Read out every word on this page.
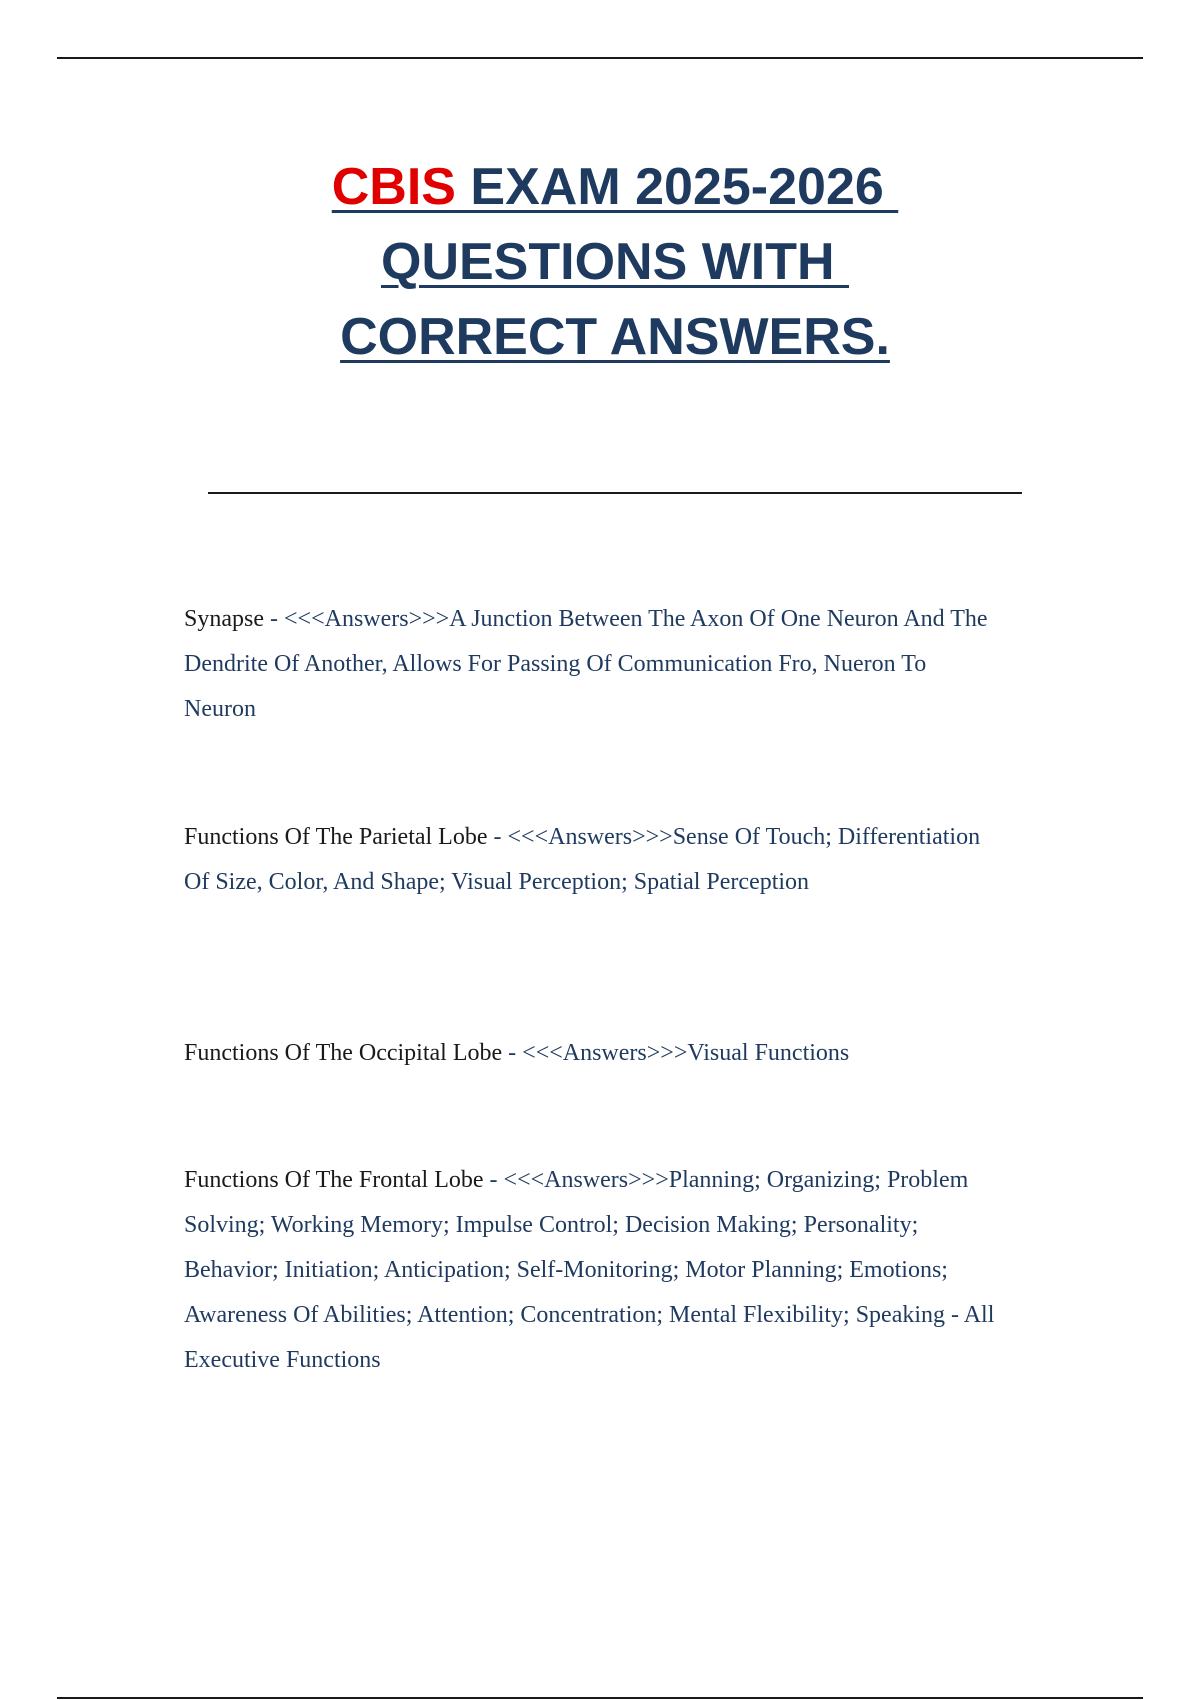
CBIS EXAM 2025-2026
QUESTIONS WITH
CORRECT ANSWERS.
Synapse - <<<Answers>>>A Junction Between The Axon Of One Neuron And The Dendrite Of Another, Allows For Passing Of Communication Fro, Nueron To Neuron
Functions Of The Parietal Lobe - <<<Answers>>>Sense Of Touch; Differentiation Of Size, Color, And Shape; Visual Perception; Spatial Perception
Functions Of The Occipital Lobe - <<<Answers>>>Visual Functions
Functions Of The Frontal Lobe - <<<Answers>>>Planning; Organizing; Problem Solving; Working Memory; Impulse Control; Decision Making; Personality; Behavior; Initiation; Anticipation; Self-Monitoring; Motor Planning; Emotions; Awareness Of Abilities; Attention; Concentration; Mental Flexibility; Speaking - All Executive Functions
